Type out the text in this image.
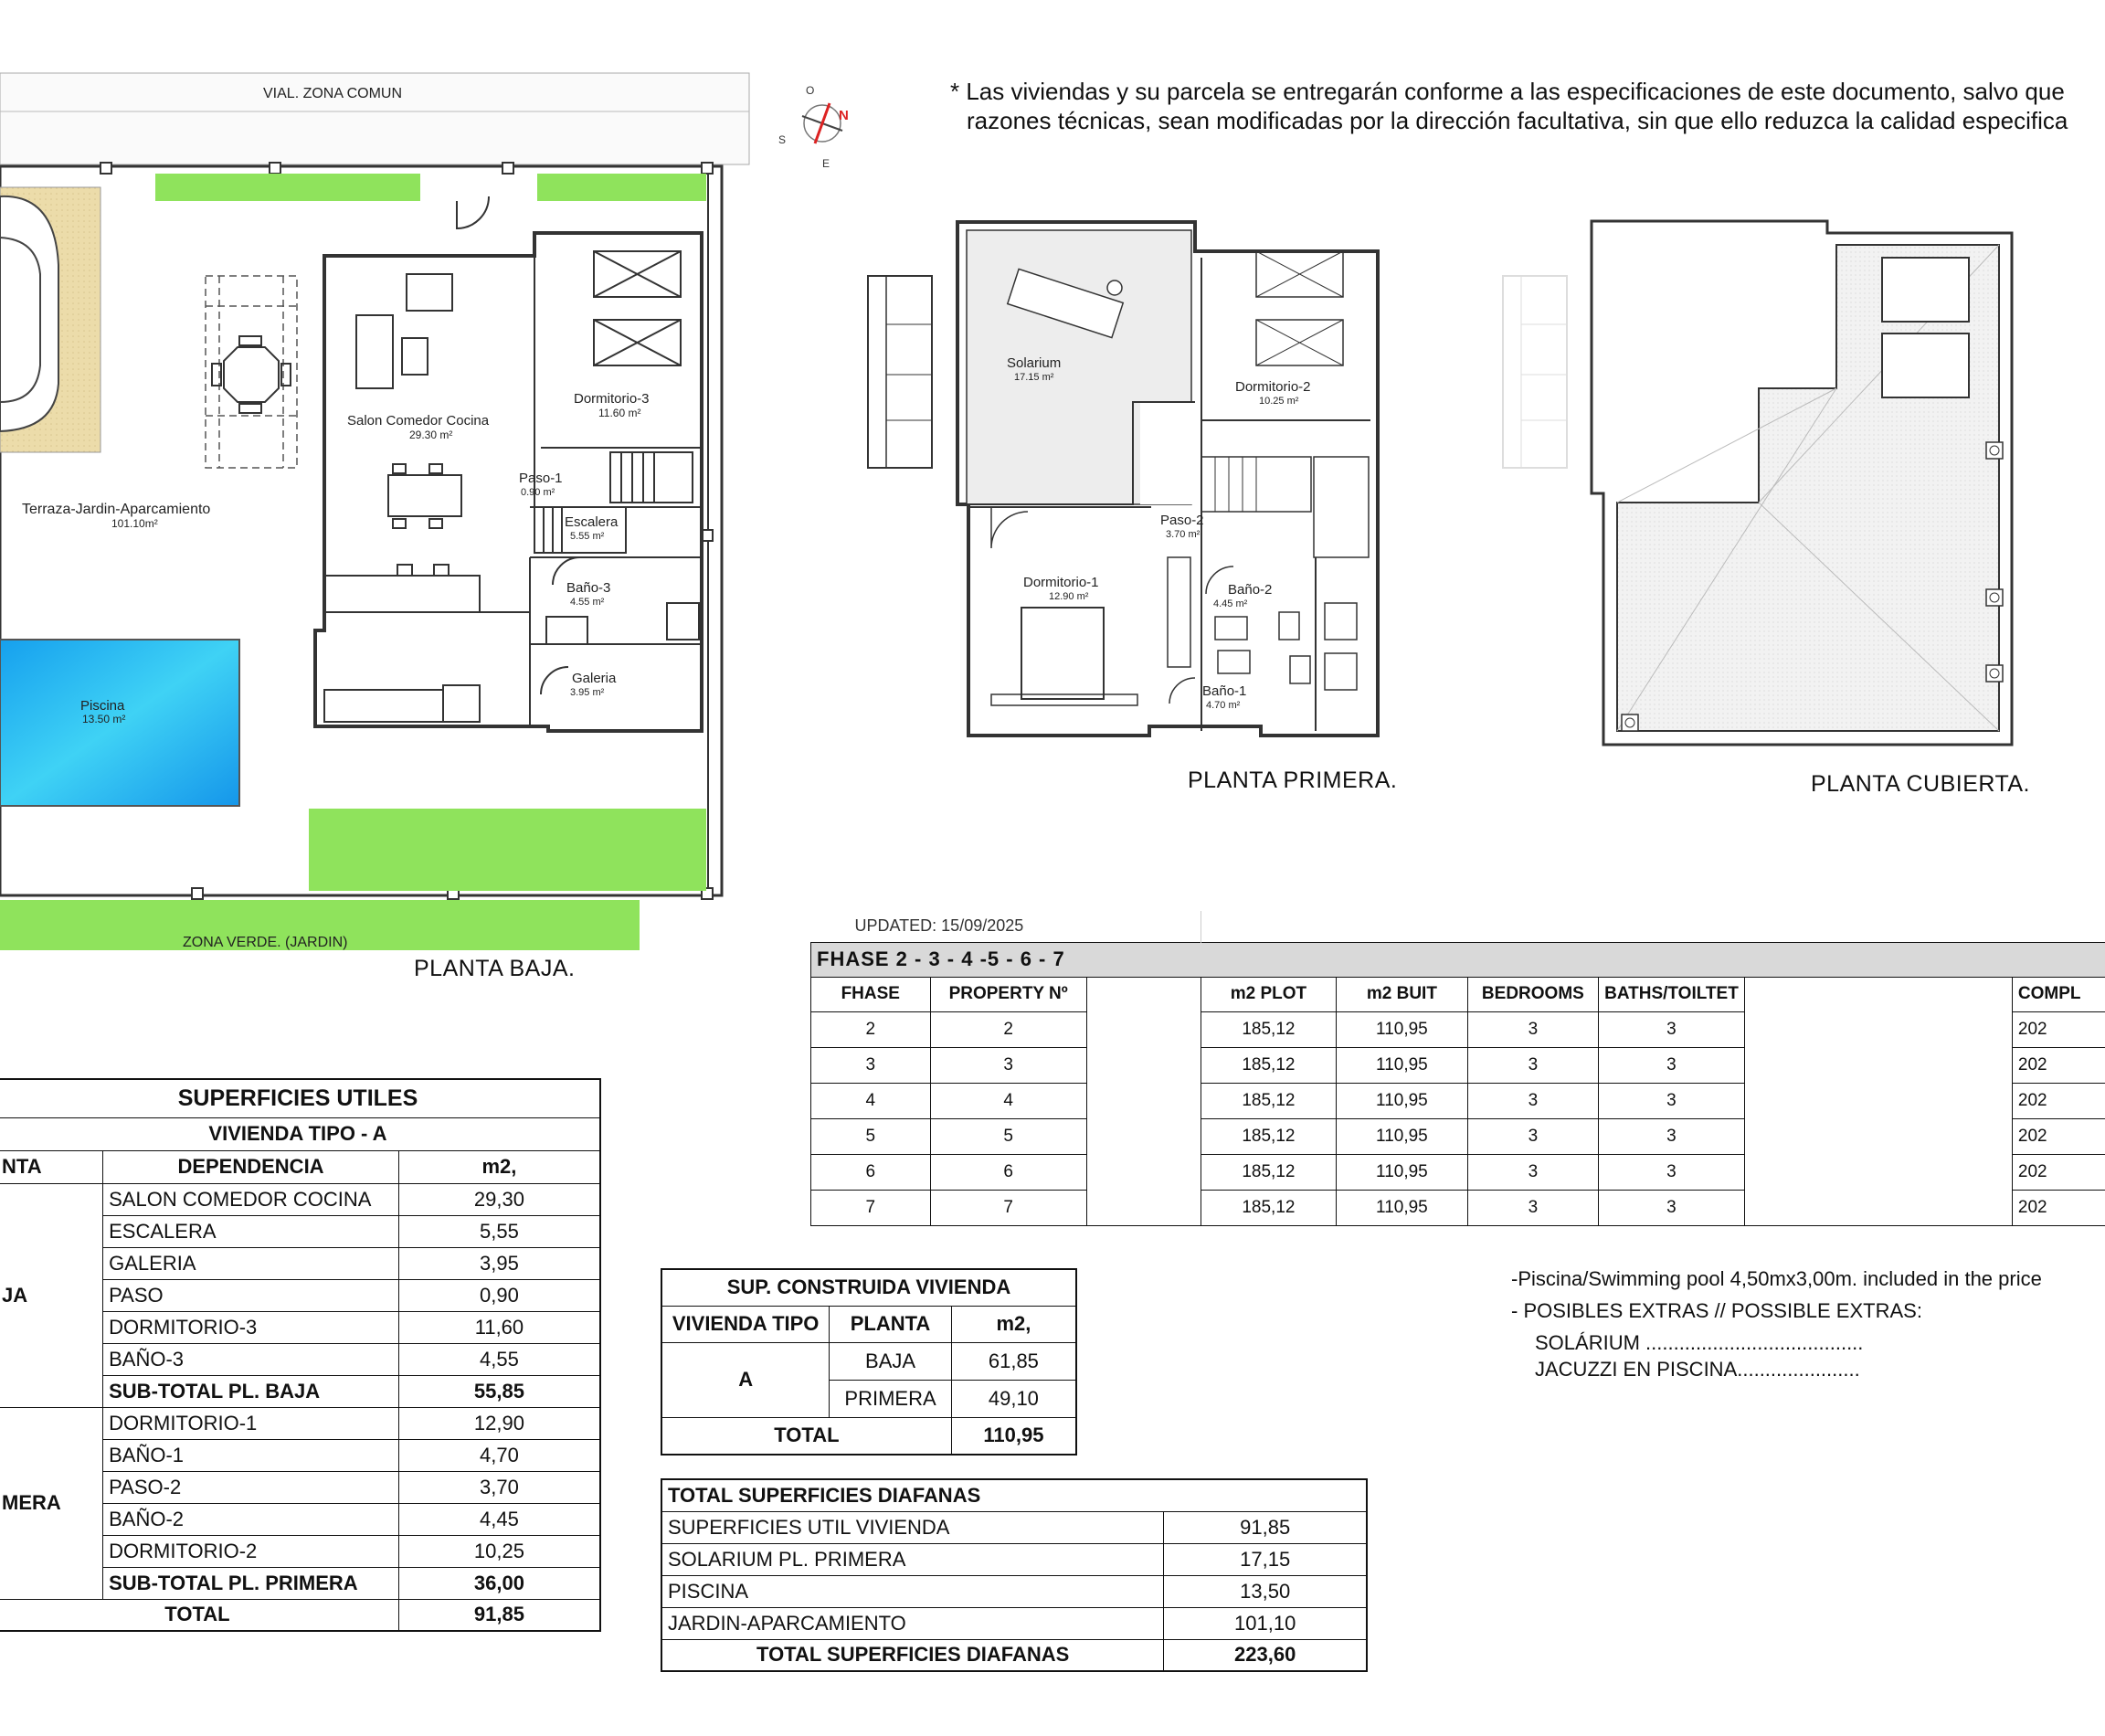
* Las viviendas y su parcela se entregarán conforme a las especificaciones de este documento, salvo que
razones técnicas, sean modificadas por la dirección facultativa, sin que ello reduzca la calidad especifica
VIAL. ZONA COMUN
ZONA VERDE. (JARDIN)
Terraza-Jardin-Aparcamiento
101.10m²
Piscina
13.50 m²
Salon Comedor Cocina
29.30 m²
Dormitorio-3
11.60 m²
Paso-1
0.90 m²
Escalera
5.55 m²
Baño-3
4.55 m²
Galeria
3.95 m²
N
S
E
O
Solarium
17.15 m²
Dormitorio-2
10.25 m²
Paso-2
3.70 m²
Dormitorio-1
12.90 m²	Baño-2
4.45 m²
Baño-1
4.70 m²
PLANTA BAJA.
PLANTA PRIMERA.	PLANTA CUBIERTA.
UPDATED: 15/09/2025								
FHASE 2 - 3 - 4 -5 - 6 - 7								
FHASE	PROPERTY Nº		m2 PLOT	m2 BUIT	BEDROOMS	BATHS/TOILTET		COMPL
2	2		185,12	110,95	3	3		202
3	3		185,12	110,95	3	3		202
4	4		185,12	110,95	3	3		202
5	5		185,12	110,95	3	3		202
6	6		185,12	110,95	3	3		202
7	7		185,12	110,95	3	3		202
SUPERFICIES UTILES		
VIVIENDA TIPO - A		
NTA	DEPENDENCIA	m2,
JA	SALON COMEDOR COCINA	29,30
	ESCALERA	5,55
	GALERIA	3,95
	PASO	0,90
	DORMITORIO-3	11,60
	BAÑO-3	4,55
	SUB-TOTAL PL. BAJA	55,85
MERA	DORMITORIO-1	12,90
	BAÑO-1	4,70
	PASO-2	3,70
	BAÑO-2	4,45
	DORMITORIO-2	10,25
	SUB-TOTAL PL. PRIMERA	36,00
TOTAL		91,85
SUP. CONSTRUIDA VIVIENDA		
VIVIENDA TIPO	PLANTA	m2,
A	BAJA	61,85
	PRIMERA	49,10
TOTAL		110,95
TOTAL SUPERFICIES DIAFANAS	
SUPERFICIES UTIL VIVIENDA	91,85
SOLARIUM PL. PRIMERA	17,15
PISCINA	13,50
JARDIN-APARCAMIENTO	101,10
TOTAL SUPERFICIES DIAFANAS	223,60
-Piscina/Swimming pool 4,50mx3,00m. included in the price
- POSIBLES EXTRAS // POSSIBLE EXTRAS:
SOLÁRIUM .......................................
JACUZZI EN PISCINA......................
